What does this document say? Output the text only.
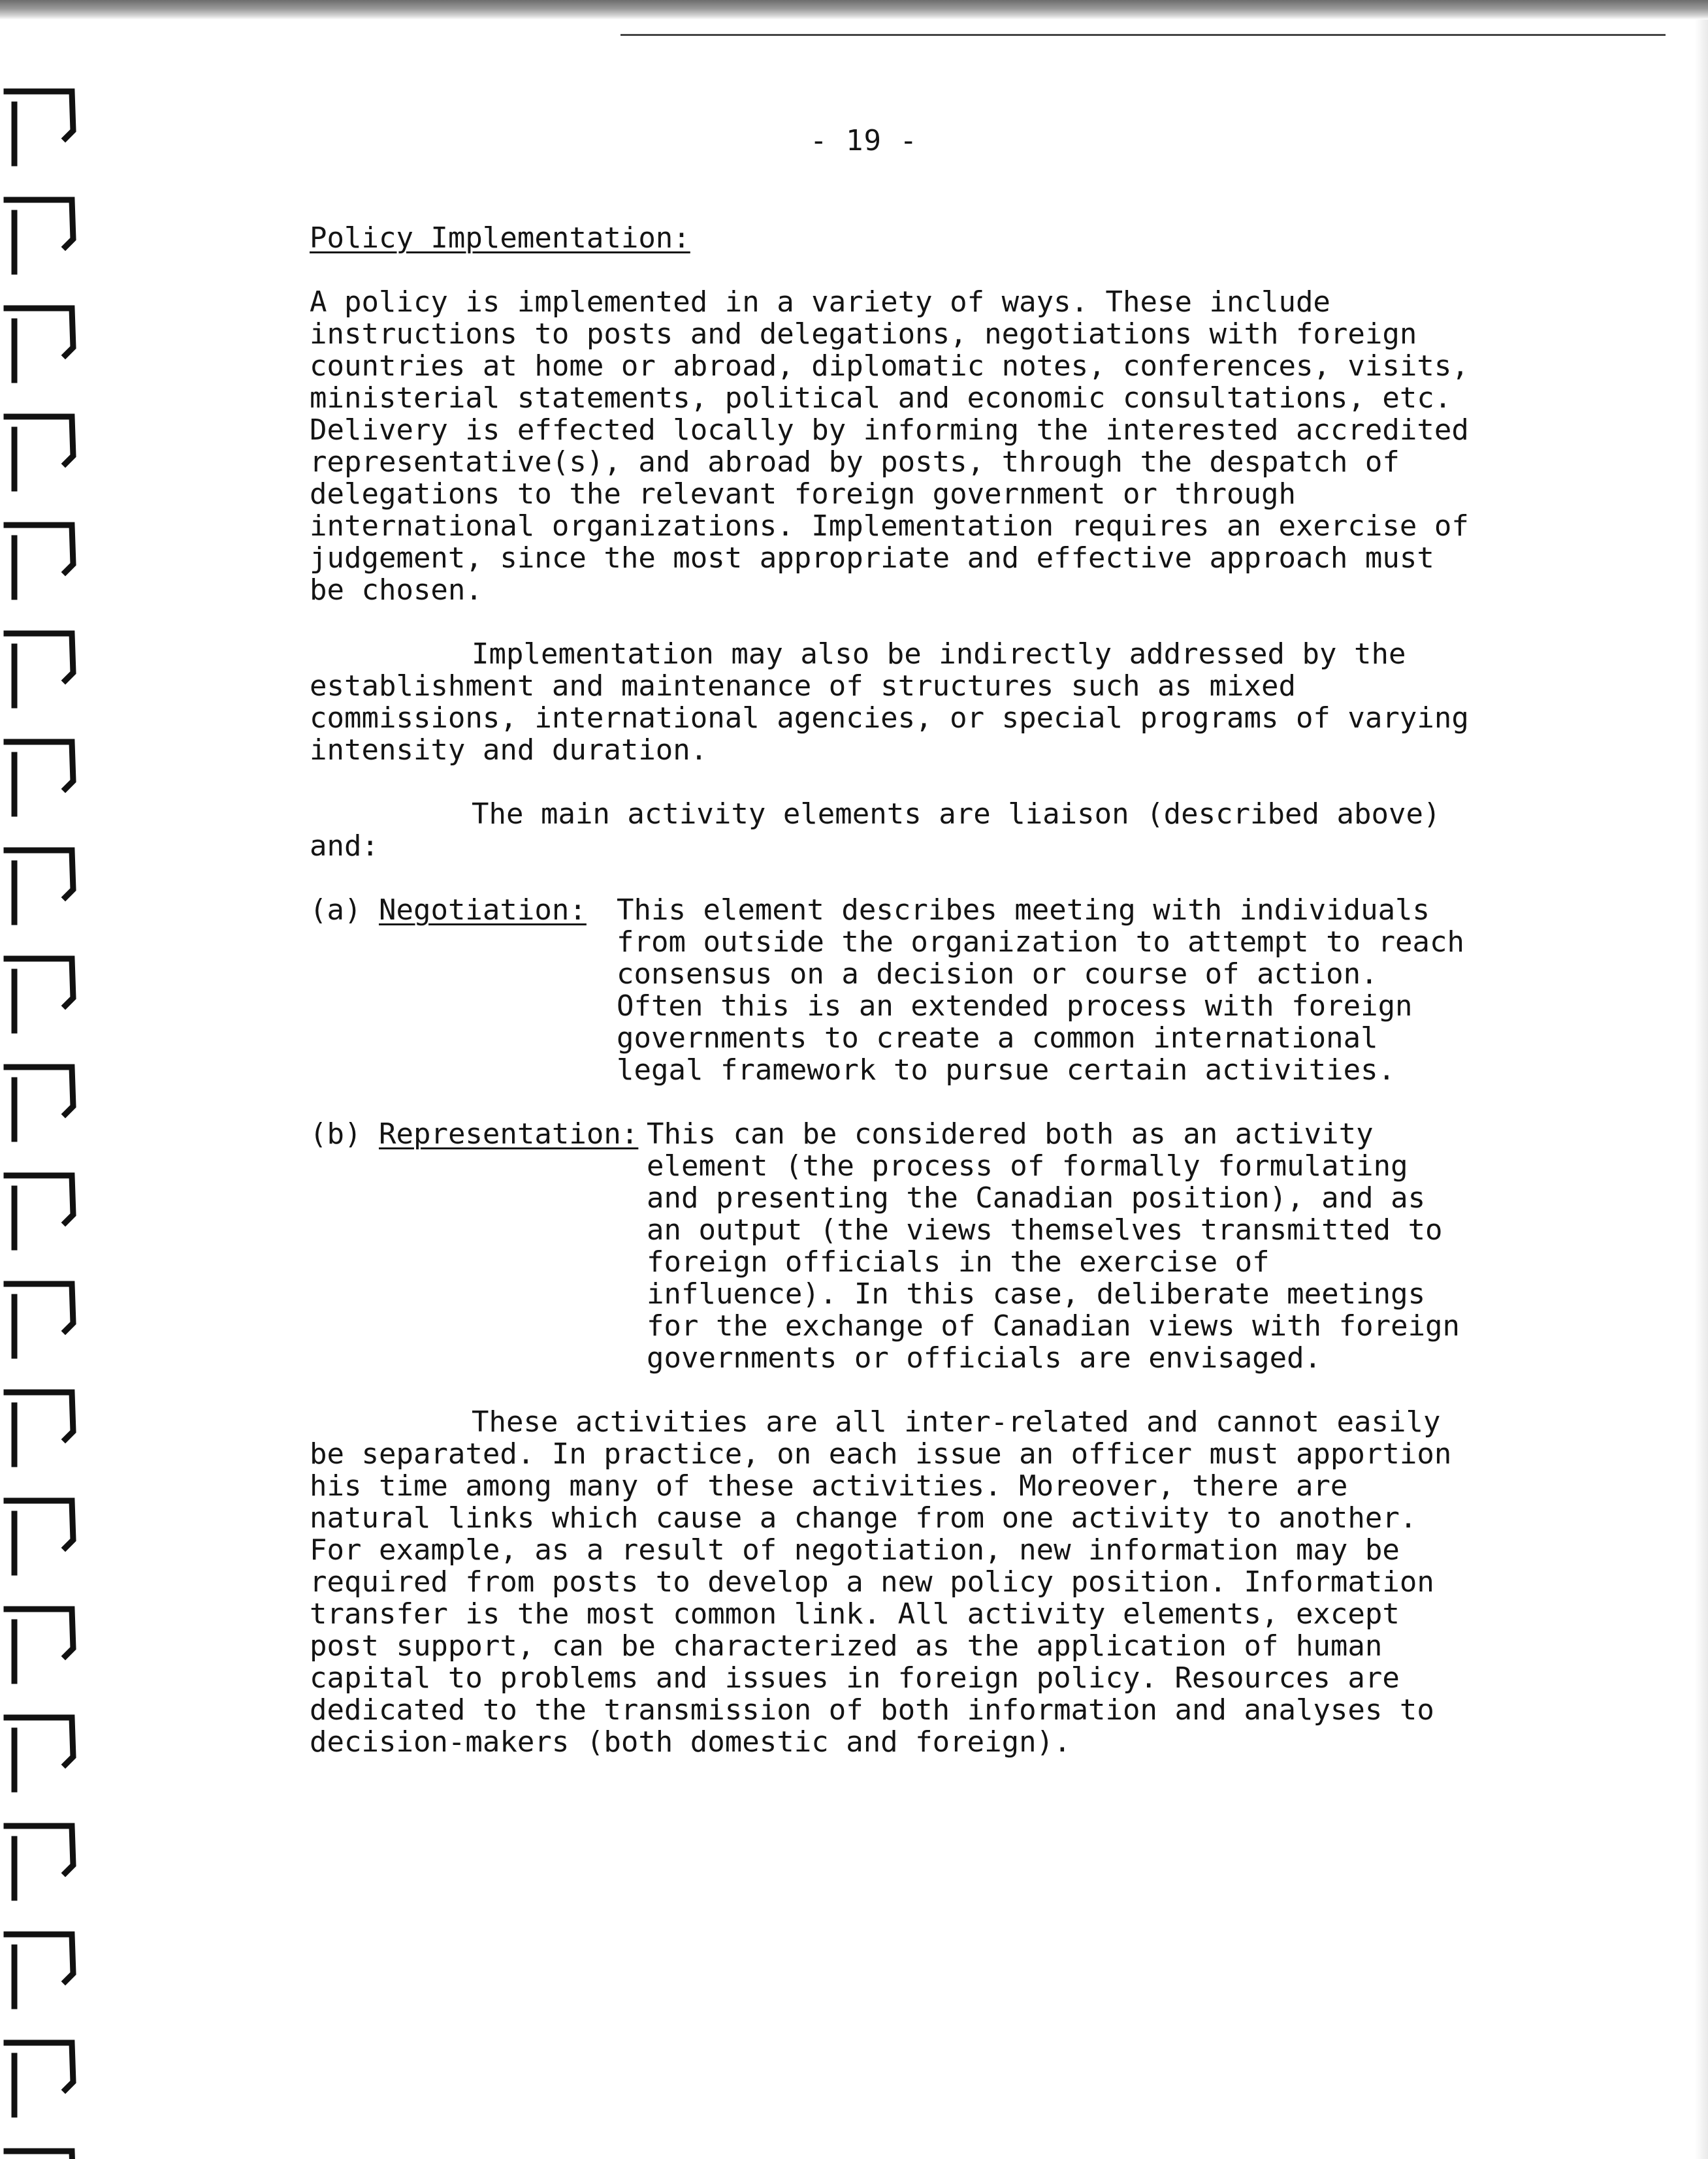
- 19 -

Policy Implementation:

A policy is implemented in a variety of ways. These include instructions to posts and delegations, negotiations with foreign countries at home or abroad, diplomatic notes, conferences, visits, ministerial statements, political and economic consultations, etc. Delivery is effected locally by informing the interested accredited representative(s), and abroad by posts, through the despatch of delegations to the relevant foreign government or through international organizations. Implementation requires an exercise of judgement, since the most appropriate and effective approach must be chosen.

Implementation may also be indirectly addressed by the establishment and maintenance of structures such as mixed commissions, international agencies, or special programs of varying intensity and duration.

The main activity elements are liaison (described above) and:

(a) Negotiation:	This element describes meeting with individuals from outside the organization to attempt to reach consensus on a decision or course of action. Often this is an extended process with foreign governments to create a common international legal framework to pursue certain activities.
(b) Representation: This can be considered both as an activity element (the process of formally formulating and presenting the Canadian position), and as an output (the views themselves transmitted to foreign officials in the exercise of influence). In this case, deliberate meetings for the exchange of Canadian views with foreign governments or officials are envisaged.

These activities are all inter-related and cannot easily be separated. In practice, on each issue an officer must apportion his time among many of these activities. Moreover, there are natural links which cause a change from one activity to another. For example, as a result of negotiation, new information may be required from posts to develop a new policy position. Information transfer is the most common link. All activity elements, except post support, can be characterized as the application of human capital to problems and issues in foreign policy. Resources are dedicated to the transmission of both information and analyses to decision-makers (both domestic and foreign).
